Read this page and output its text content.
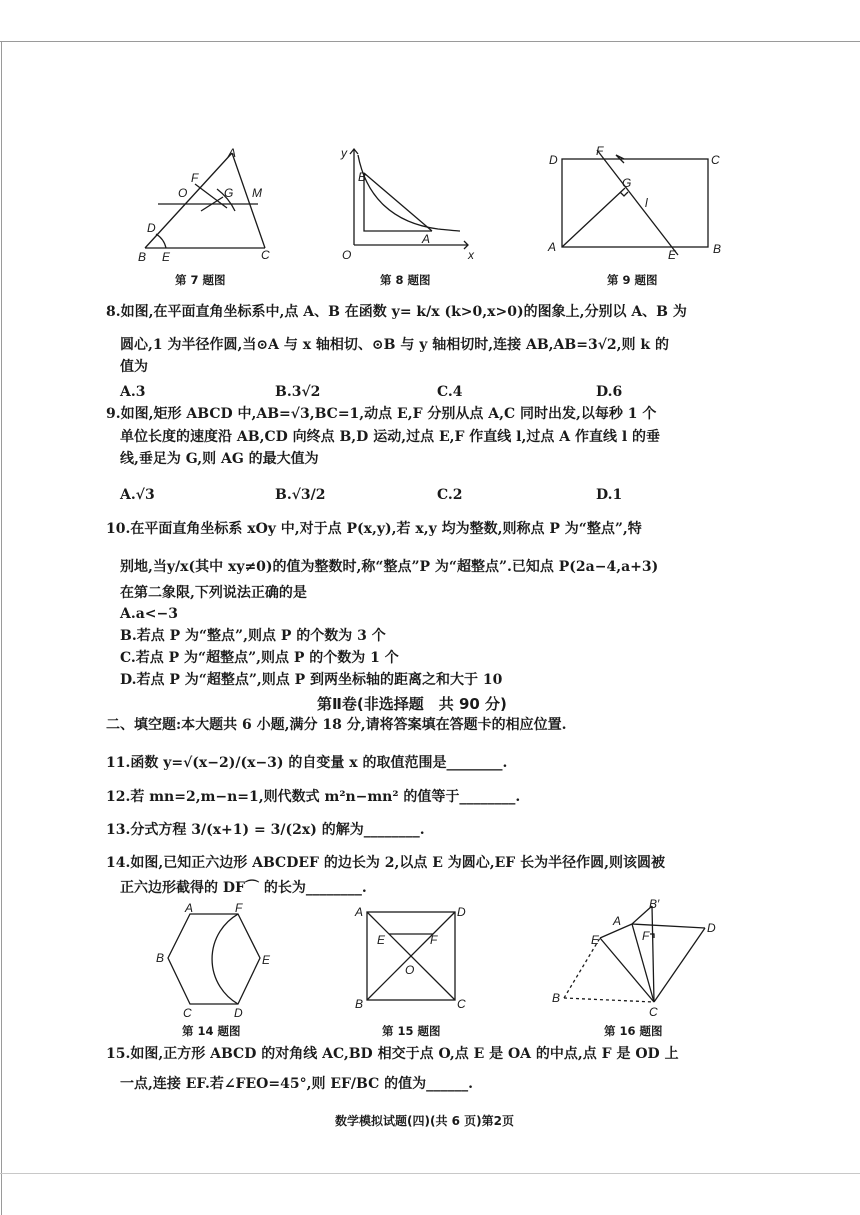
A
B	C
D
E
F
G
O	M
第 7 题图
y
x
O
A
B
第 8 题图
D	C
A	B
E
F
G
l
第 9 题图
8.如图,在平面直角坐标系中,点 A、B 在函数 y= k/x (k>0,x>0)的图象上,分别以 A、B 为
圆心,1 为半径作圆,当⊙A 与 x 轴相切、⊙B 与 y 轴相切时,连接 AB,AB=3√2,则 k 的
值为
A.3	B.3√2	C.4	D.6
9.如图,矩形 ABCD 中,AB=√3,BC=1,动点 E,F 分别从点 A,C 同时出发,以每秒 1 个
单位长度的速度沿 AB,CD 向终点 B,D 运动,过点 E,F 作直线 l,过点 A 作直线 l 的垂
线,垂足为 G,则 AG 的最大值为
A.√3	B.√3/2	C.2	D.1
10.在平面直角坐标系 xOy 中,对于点 P(x,y),若 x,y 均为整数,则称点 P 为“整点”,特
别地,当y/x(其中 xy≠0)的值为整数时,称“整点”P 为“超整点”.已知点 P(2a−4,a+3)
在第二象限,下列说法正确的是
A.a<−3
B.若点 P 为“整点”,则点 P 的个数为 3 个
C.若点 P 为“超整点”,则点 P 的个数为 1 个
D.若点 P 为“超整点”,则点 P 到两坐标轴的距离之和大于 10
第Ⅱ卷(非选择题　共 90 分)
二、填空题:本大题共 6 小题,满分 18 分,请将答案填在答题卡的相应位置.
11.函数 y=√(x−2)/(x−3) 的自变量 x 的取值范围是________.
12.若 mn=2,m−n=1,则代数式 m²n−mn² 的值等于________.
13.分式方程 3/(x+1) = 3/(2x) 的解为________.
14.如图,已知正六边形 ABCDEF 的边长为 2,以点 E 为圆心,EF 长为半径作圆,则该圆被
正六边形截得的 DF⌒ 的长为________.
A	F
B	E
C	D
第 14 题图
A	D
B	C
E	F
O
第 15 题图
A
B′
E	F
D
B
C
第 16 题图
15.如图,正方形 ABCD 的对角线 AC,BD 相交于点 O,点 E 是 OA 的中点,点 F 是 OD 上
一点,连接 EF.若∠FEO=45°,则 EF/BC 的值为______.
数学模拟试题(四)(共 6 页)第2页
